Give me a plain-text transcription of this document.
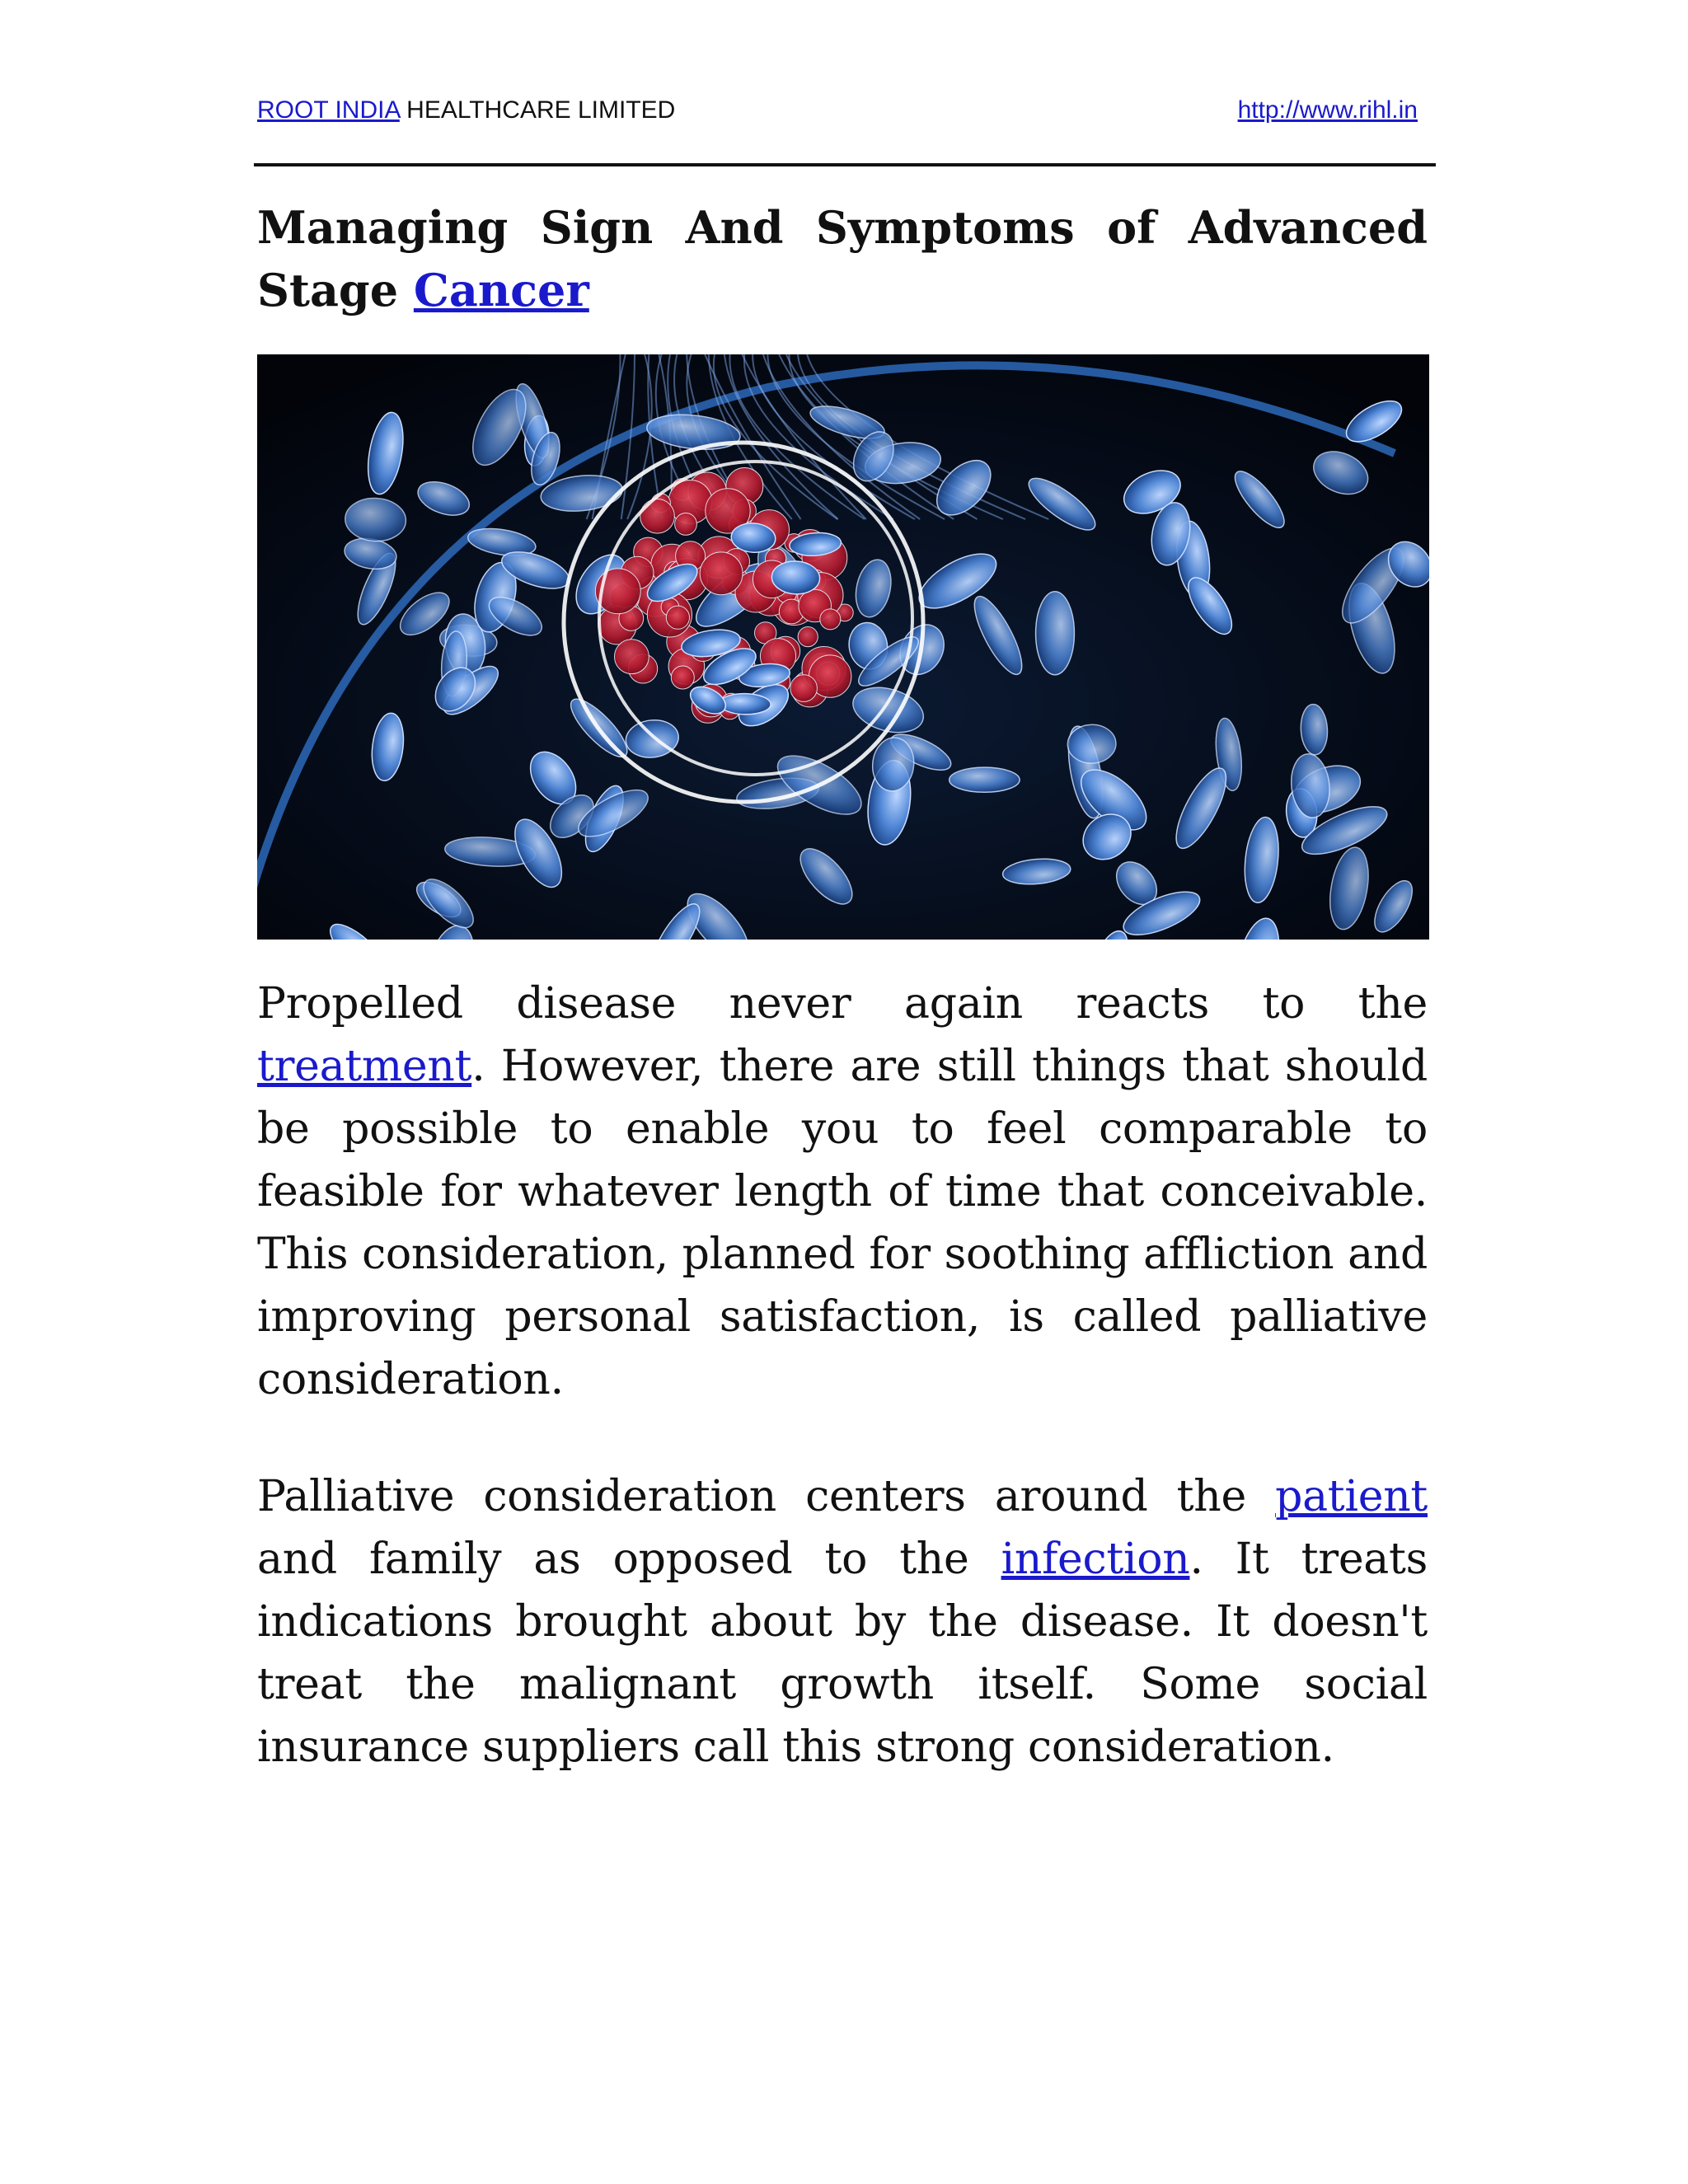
ROOT INDIA HEALTHCARE LIMITED	http://www.rihl.in
Managing Sign And Symptoms of Advanced Stage Cancer

Propelled disease never again reacts to the treatment. However, there are still things that should be possible to enable you to feel comparable to feasible for whatever length of time that conceivable. This consideration, planned for soothing affliction and improving personal satisfaction, is called palliative consideration.

Palliative consideration centers around the patient and family as opposed to the infection. It treats indications brought about by the disease. It doesn't treat the malignant growth itself. Some social insurance suppliers call this strong consideration.
